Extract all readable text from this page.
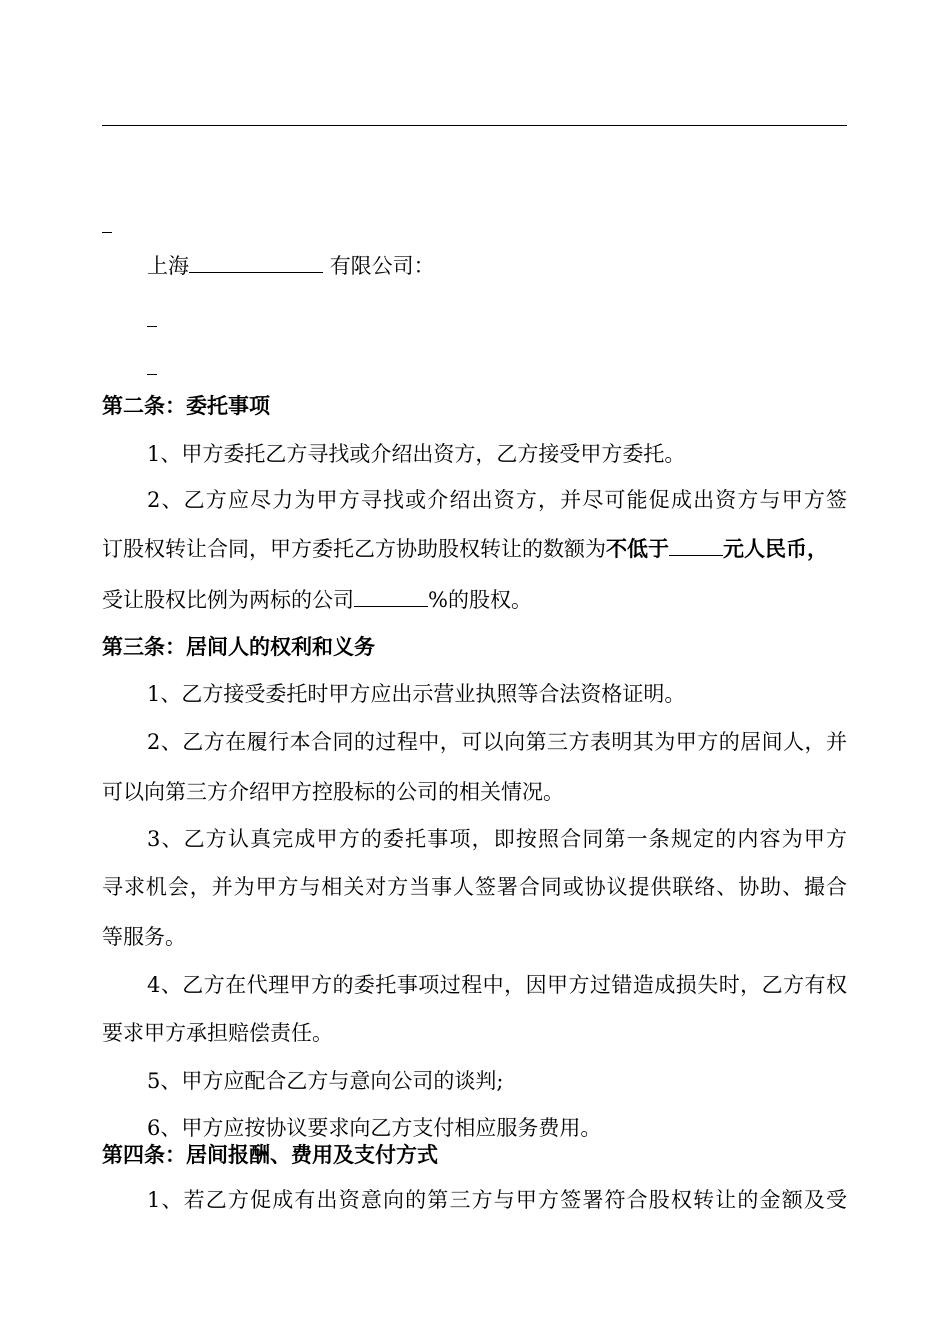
上海	有限公司：
第二条：委托事项
1、甲方委托乙方寻找或介绍出资方，乙方接受甲方委托。
2、乙方应尽力为甲方寻找或介绍出资方，并尽可能促成出资方与甲方签
订股权转让合同，甲方委托乙方协助股权转让的数额为不低于	元人民币，
受让股权比例为两标的公司	%的股权。
第三条：居间人的权利和义务
1、乙方接受委托时甲方应出示营业执照等合法资格证明。
2、乙方在履行本合同的过程中，可以向第三方表明其为甲方的居间人，并
可以向第三方介绍甲方控股标的公司的相关情况。
3、乙方认真完成甲方的委托事项，即按照合同第一条规定的内容为甲方
寻求机会，并为甲方与相关对方当事人签署合同或协议提供联络、协助、撮合
等服务。
4、乙方在代理甲方的委托事项过程中，因甲方过错造成损失时，乙方有权
要求甲方承担赔偿责任。
5、甲方应配合乙方与意向公司的谈判;
6、甲方应按协议要求向乙方支付相应服务费用。
第四条：居间报酬、费用及支付方式
1、若乙方促成有出资意向的第三方与甲方签署符合股权转让的金额及受
